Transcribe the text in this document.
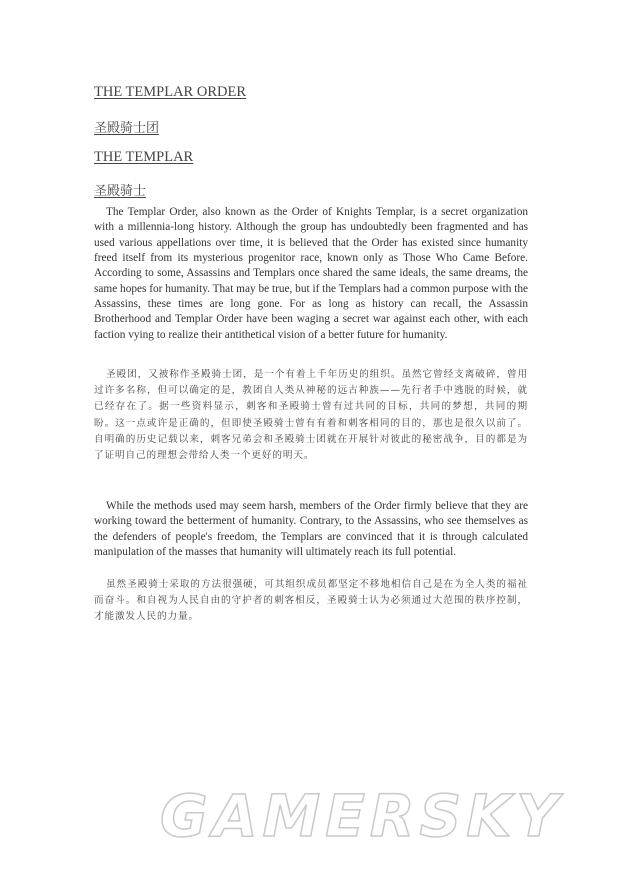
THE TEMPLAR ORDER
圣殿骑士团
THE TEMPLAR
圣殿骑士

The Templar Order, also known as the Order of Knights Templar, is a secret organization with a millennia-long history. Although the group has undoubtedly been fragmented and has used various appellations over time, it is believed that the Order has existed since humanity freed itself from its mysterious progenitor race, known only as Those Who Came Before. According to some, Assassins and Templars once shared the same ideals, the same dreams, the same hopes for humanity. That may be true, but if the Templars had a common purpose with the Assassins, these times are long gone. For as long as history can recall, the Assassin Brotherhood and Templar Order have been waging a secret war against each other, with each faction vying to realize their antithetical vision of a better future for humanity.

圣殿团，又被称作圣殿骑士团，是一个有着上千年历史的组织。虽然它曾经支离破碎，曾用过许多名称，但可以确定的是，教团自人类从神秘的远古种族——先行者手中逃脱的时候，就已经存在了。据一些资料显示，刺客和圣殿骑士曾有过共同的目标，共同的梦想，共同的期盼。这一点或许是正确的，但即使圣殿骑士曾有有着和刺客相同的目的，那也是很久以前了。自明确的历史记载以来，刺客兄弟会和圣殿骑士团就在开展针对彼此的秘密战争，目的都是为了证明自己的理想会带给人类一个更好的明天。

While the methods used may seem harsh, members of the Order firmly believe that they are working toward the betterment of humanity. Contrary, to the Assassins, who see themselves as the defenders of people's freedom, the Templars are convinced that it is through calculated manipulation of the masses that humanity will ultimately reach its full potential.

虽然圣殿骑士采取的方法很强硬，可其组织成员都坚定不移地相信自己是在为全人类的福祉而奋斗。和自视为人民自由的守护者的刺客相反，圣殿骑士认为必须通过大范围的秩序控制，才能激发人民的力量。

GAMERSKY
